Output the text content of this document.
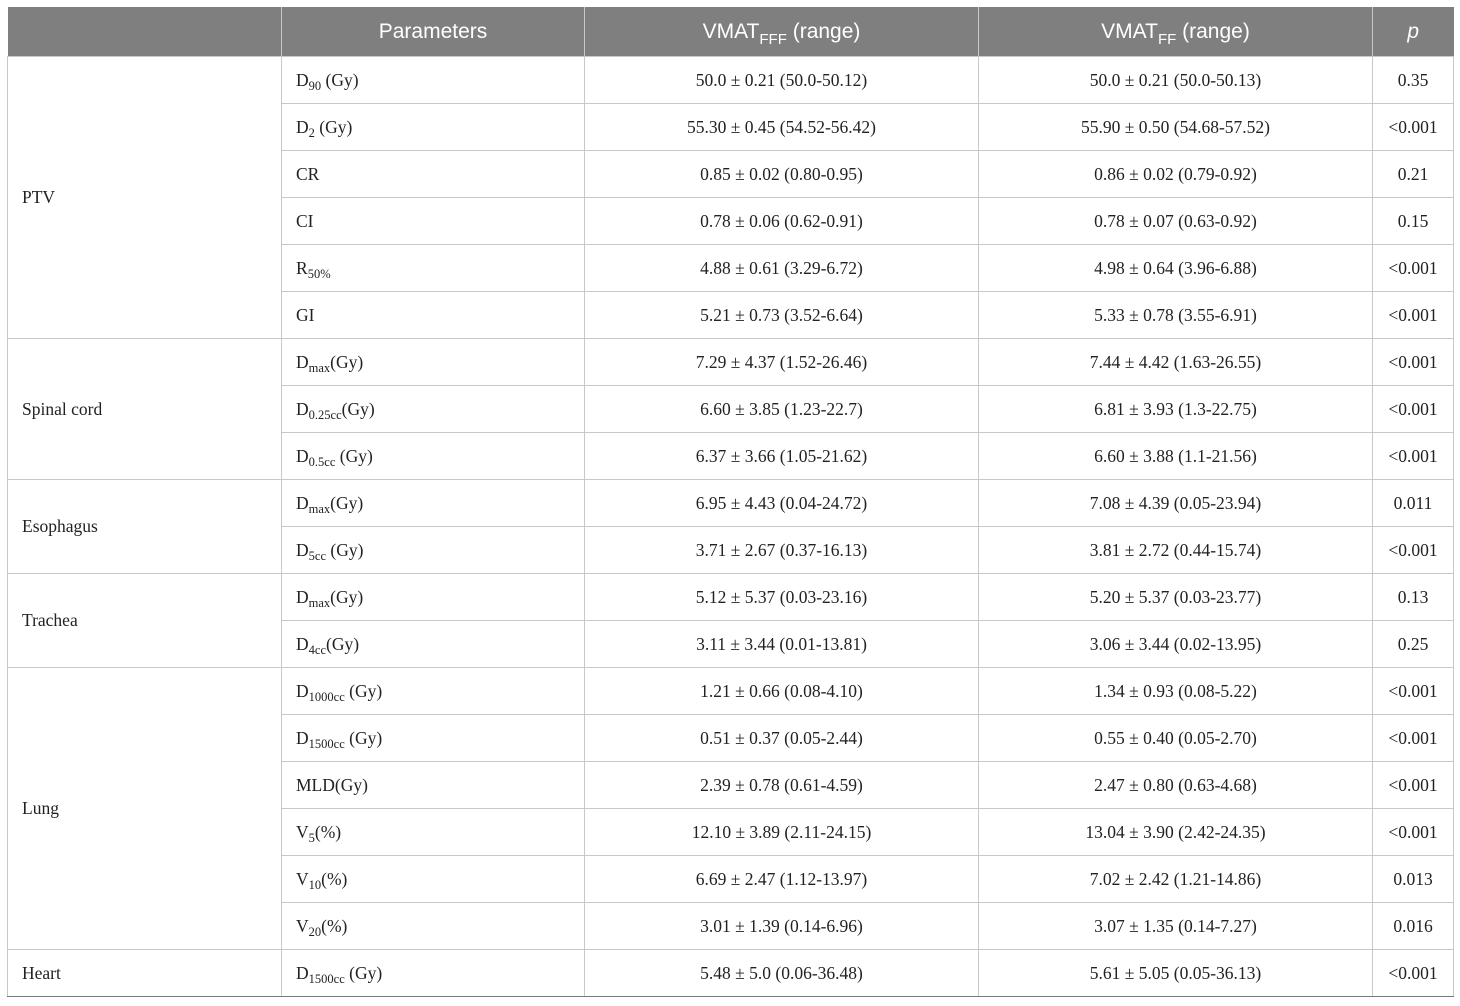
	Parameters	$VMAT_{FFF}$ (range)	$VMAT_{FF}$ (range)	p
PTV	$D_{90}$ (Gy)	50.0 ± 0.21 (50.0-50.12)	50.0 ± 0.21 (50.0-50.13)	0.35
	$D_2$ (Gy)	55.30 ± 0.45 (54.52-56.42)	55.90 ± 0.50 (54.68-57.52)	<0.001
	CR	0.85 ± 0.02 (0.80-0.95)	0.86 ± 0.02 (0.79-0.92)	0.21
	CI	0.78 ± 0.06 (0.62-0.91)	0.78 ± 0.07 (0.63-0.92)	0.15
	$R_{50\%}$	4.88 ± 0.61 (3.29-6.72)	4.98 ± 0.64 (3.96-6.88)	<0.001
	GI	5.21 ± 0.73 (3.52-6.64)	5.33 ± 0.78 (3.55-6.91)	<0.001
Spinal cord	$D_{max}(Gy)$	7.29 ± 4.37 (1.52-26.46)	7.44 ± 4.42 (1.63-26.55)	<0.001
	$D_{0.25cc}(Gy)$	6.60 ± 3.85 (1.23-22.7)	6.81 ± 3.93 (1.3-22.75)	<0.001
	$D_{0.5cc}$ (Gy)	6.37 ± 3.66 (1.05-21.62)	6.60 ± 3.88 (1.1-21.56)	<0.001
Esophagus	$D_{max}(Gy)$	6.95 ± 4.43 (0.04-24.72)	7.08 ± 4.39 (0.05-23.94)	0.011
	$D_{5cc}$ (Gy)	3.71 ± 2.67 (0.37-16.13)	3.81 ± 2.72 (0.44-15.74)	<0.001
Trachea	$D_{max}(Gy)$	5.12 ± 5.37 (0.03-23.16)	5.20 ± 5.37 (0.03-23.77)	0.13
	$D_{4cc}(Gy)$	3.11 ± 3.44 (0.01-13.81)	3.06 ± 3.44 (0.02-13.95)	0.25
Lung	$D_{1000cc}$ (Gy)	1.21 ± 0.66 (0.08-4.10)	1.34 ± 0.93 (0.08-5.22)	<0.001
	$D_{1500cc}$ (Gy)	0.51 ± 0.37 (0.05-2.44)	0.55 ± 0.40 (0.05-2.70)	<0.001
	MLD(Gy)	2.39 ± 0.78 (0.61-4.59)	2.47 ± 0.80 (0.63-4.68)	<0.001
	$V_5(\%)$	12.10 ± 3.89 (2.11-24.15)	13.04 ± 3.90 (2.42-24.35)	<0.001
	$V_{10}(\%)$	6.69 ± 2.47 (1.12-13.97)	7.02 ± 2.42 (1.21-14.86)	0.013
	$V_{20}(\%)$	3.01 ± 1.39 (0.14-6.96)	3.07 ± 1.35 (0.14-7.27)	0.016
Heart	$D_{1500cc}$ (Gy)	5.48 ± 5.0 (0.06-36.48)	5.61 ± 5.05 (0.05-36.13)	<0.001
